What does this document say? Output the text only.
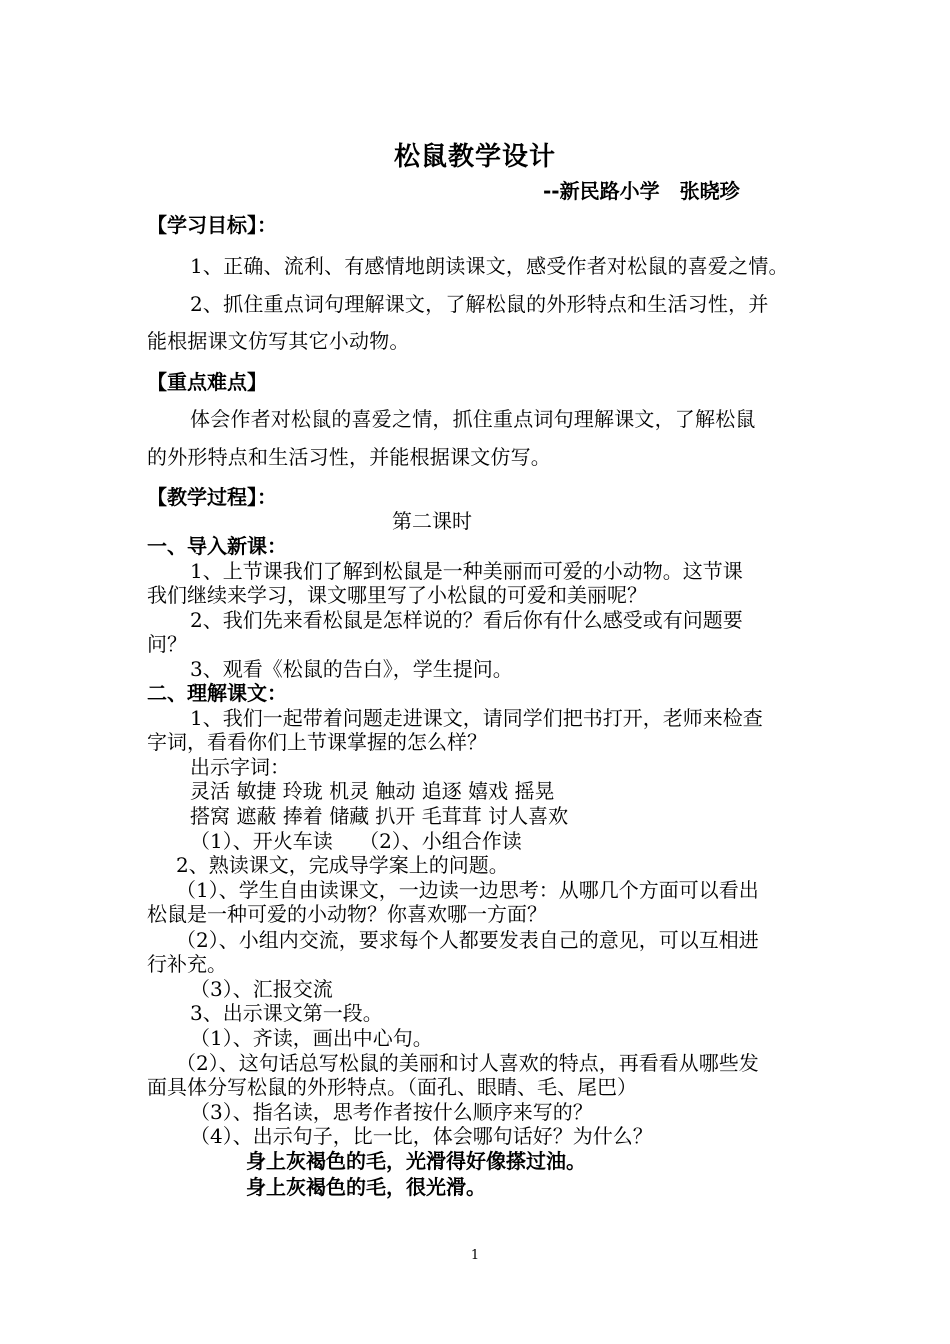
松鼠教学设计
--新民路小学　张晓珍
【学习目标】：
1、正确、流利、有感情地朗读课文，感受作者对松鼠的喜爱之情。
2、抓住重点词句理解课文，了解松鼠的外形特点和生活习性，并
能根据课文仿写其它小动物。
【重点难点】
体会作者对松鼠的喜爱之情，抓住重点词句理解课文，了解松鼠
的外形特点和生活习性，并能根据课文仿写。
【教学过程】：
第二课时
一、导入新课：
1、上节课我们了解到松鼠是一种美丽而可爱的小动物。这节课
我们继续来学习，课文哪里写了小松鼠的可爱和美丽呢？
2、我们先来看松鼠是怎样说的？看后你有什么感受或有问题要
问？
3、观看《松鼠的告白》，学生提问。
二、理解课文：
1、我们一起带着问题走进课文，请同学们把书打开，老师来检查
字词，看看你们上节课掌握的怎么样？
出示字词：
灵活 敏捷 玲珑 机灵 触动 追逐 嬉戏 摇晃
搭窝 遮蔽 捧着 储藏 扒开 毛茸茸 讨人喜欢
（1）、开火车读　 （2）、小组合作读
2、熟读课文，完成导学案上的问题。
（1）、学生自由读课文，一边读一边思考：从哪几个方面可以看出
松鼠是一种可爱的小动物？你喜欢哪一方面？
（2）、小组内交流，要求每个人都要发表自己的意见，可以互相进
行补充。
（3）、汇报交流
3、出示课文第一段。
（1）、齐读，画出中心句。
（2）、这句话总写松鼠的美丽和讨人喜欢的特点，再看看从哪些发
面具体分写松鼠的外形特点。（面孔、眼睛、毛、尾巴）
（3）、指名读，思考作者按什么顺序来写的？
（4）、出示句子，比一比，体会哪句话好？为什么？
身上灰褐色的毛，光滑得好像搽过油。
身上灰褐色的毛，很光滑。
1
